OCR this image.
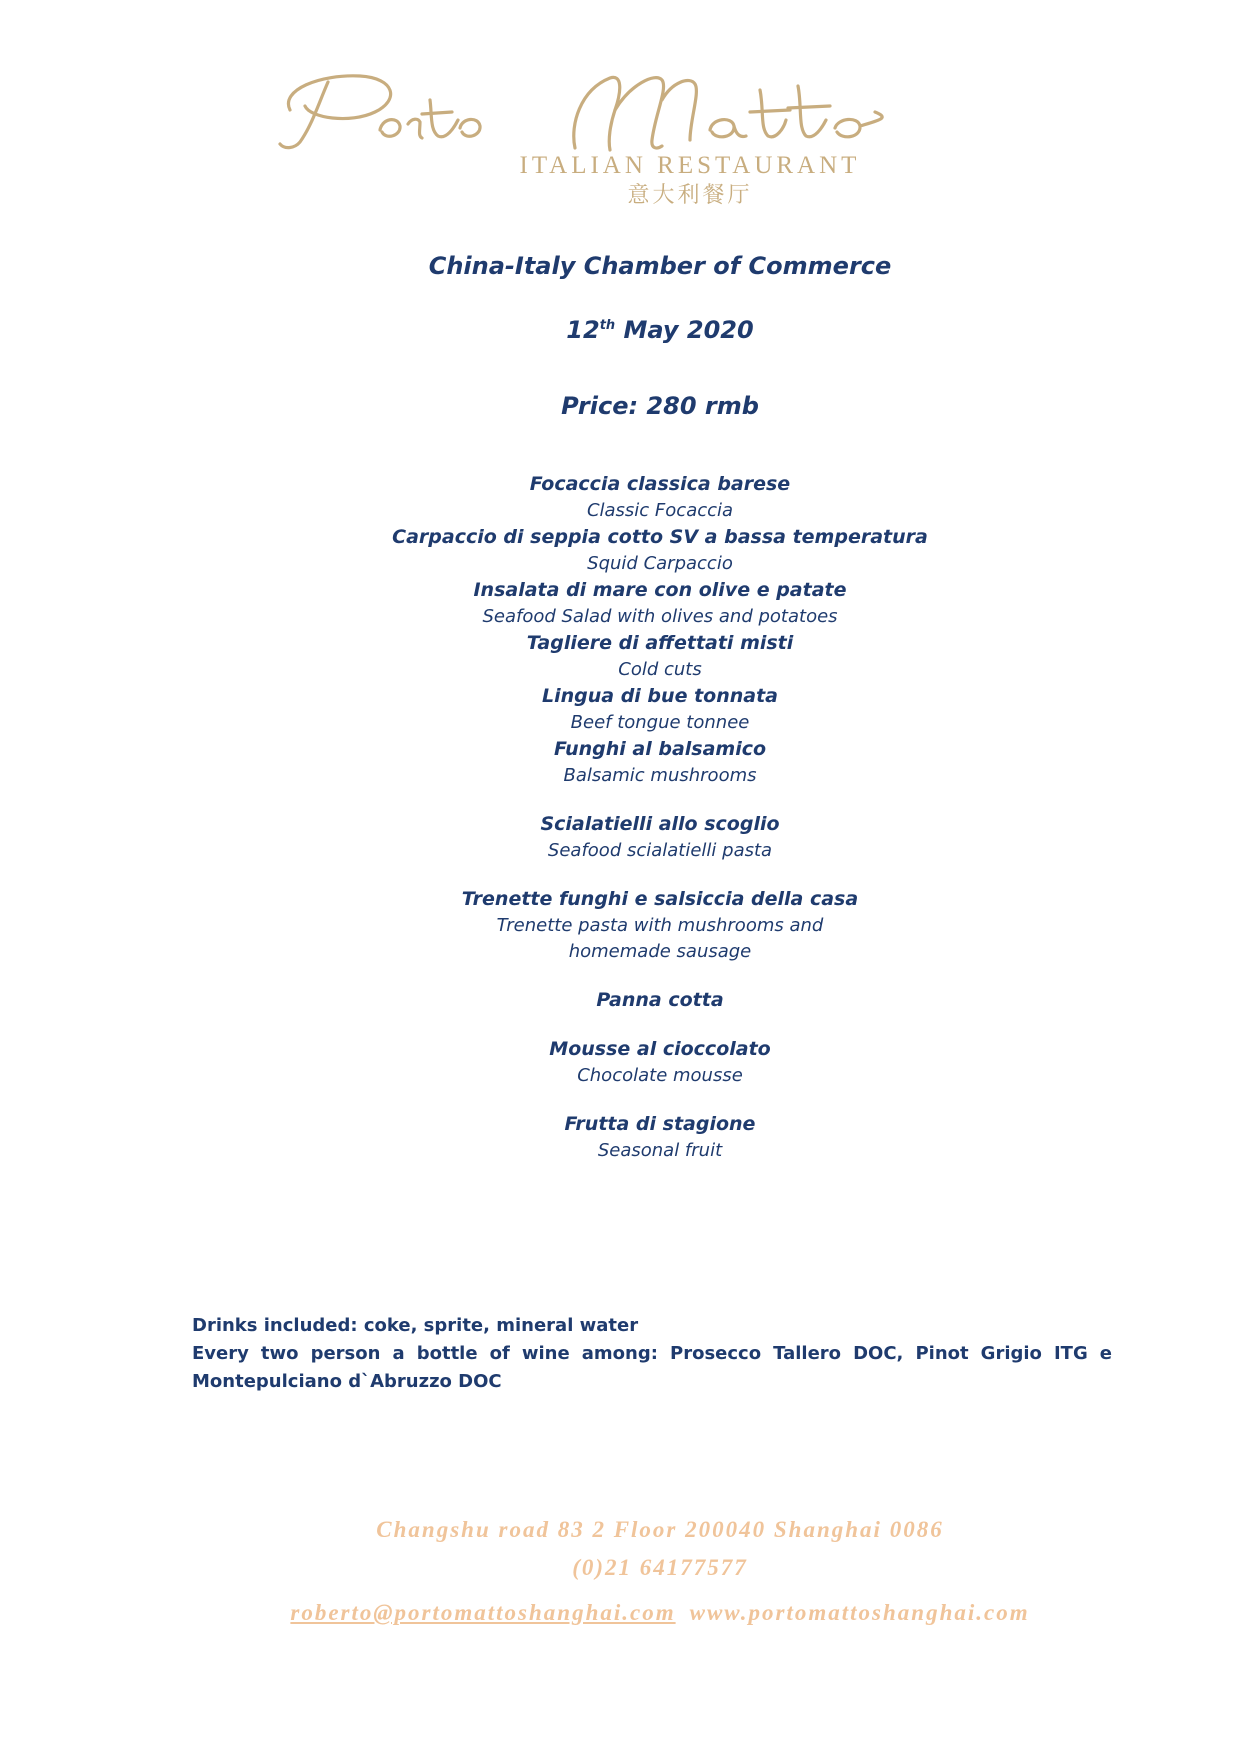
ITALIAN RESTAURANT
意大利餐厅
China-Italy Chamber of Commerce
12th May 2020
Price: 280 rmb
Focaccia classica barese
Classic Focaccia
Carpaccio di seppia cotto SV a bassa temperatura
Squid Carpaccio
Insalata di mare con olive e patate
Seafood Salad with olives and potatoes
Tagliere di affettati misti
Cold cuts
Lingua di bue tonnata
Beef tongue tonnee
Funghi al balsamico
Balsamic mushrooms
Scialatielli allo scoglio
Seafood scialatielli pasta
Trenette funghi e salsiccia della casa
Trenette pasta with mushrooms and
homemade sausage
Panna cotta
Mousse al cioccolato
Chocolate mousse
Frutta di stagione
Seasonal fruit

Drinks included: coke, sprite, mineral water

Every two person a bottle of wine among: Prosecco Tallero DOC, Pinot Grigio ITG e Montepulciano d`Abruzzo DOC

Changshu road 83 2 Floor 200040 Shanghai 0086
(0)21 64177577
roberto@portomattoshanghai.com www.portomattoshanghai.com
